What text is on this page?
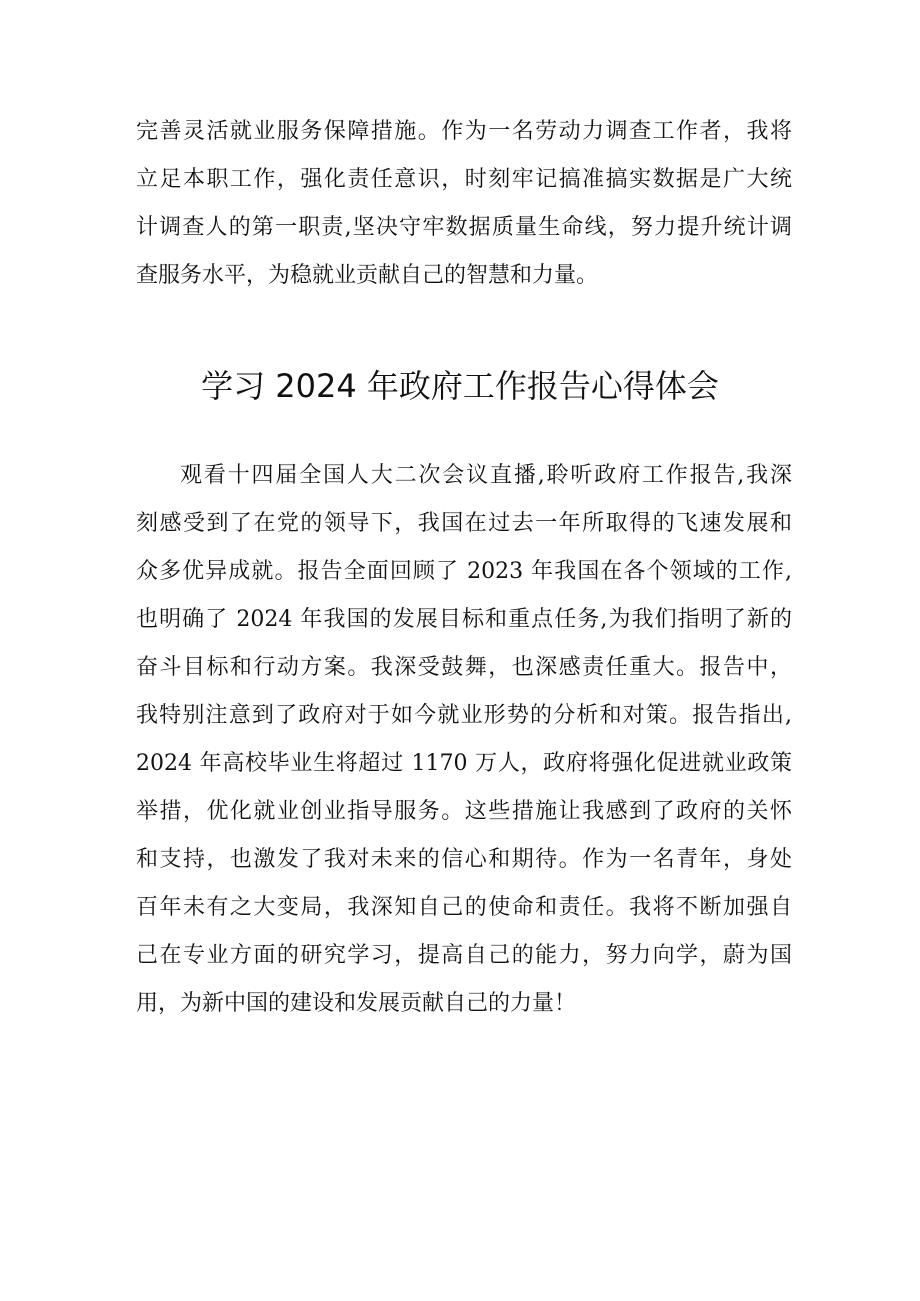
完善灵活就业服务保障措施。作为一名劳动力调查工作者，我将
立足本职工作，强化责任意识，时刻牢记搞准搞实数据是广大统
计调查人的第一职责,坚决守牢数据质量生命线，努力提升统计调
查服务水平，为稳就业贡献自己的智慧和力量。
学习 2024 年政府工作报告心得体会
观看十四届全国人大二次会议直播,聆听政府工作报告,我深
刻感受到了在党的领导下，我国在过去一年所取得的飞速发展和
众多优异成就。报告全面回顾了 2023 年我国在各个领域的工作,
也明确了 2024 年我国的发展目标和重点任务,为我们指明了新的
奋斗目标和行动方案。我深受鼓舞，也深感责任重大。报告中，
我特别注意到了政府对于如今就业形势的分析和对策。报告指出,
2024 年高校毕业生将超过 1170 万人，政府将强化促进就业政策
举措，优化就业创业指导服务。这些措施让我感到了政府的关怀
和支持，也激发了我对未来的信心和期待。作为一名青年，身处
百年未有之大变局，我深知自己的使命和责任。我将不断加强自
己在专业方面的研究学习，提高自己的能力，努力向学，蔚为国
用，为新中国的建设和发展贡献自己的力量！
